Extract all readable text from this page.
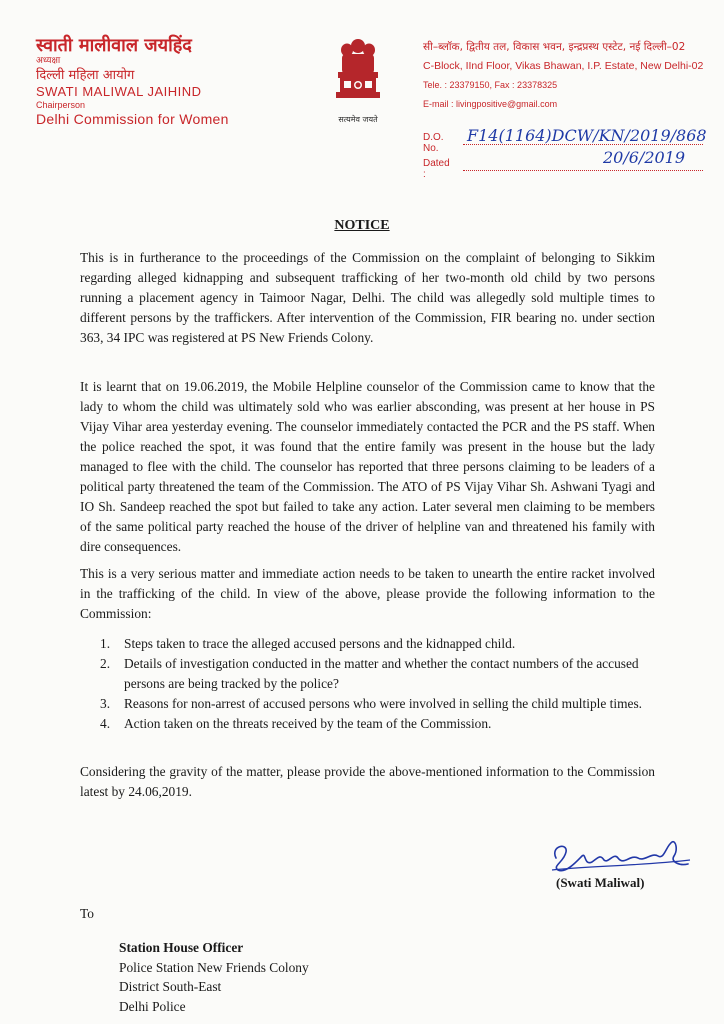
स्वाती मालीवाल जयहिंद
अध्यक्षा
दिल्ली महिला आयोग
SWATI MALIWAL JAIHIND
Chairperson
Delhi Commission for Women	सत्यमेव जयते
सी–ब्लॉक, द्वितीय तल, विकास भवन, इन्द्रप्रस्थ एस्टेट, नई दिल्ली–02
C-Block, IInd Floor, Vikas Bhawan, I.P. Estate, New Delhi-02
Tele. : 23379150, Fax : 23378325
E-mail : livingpositive@gmail.com
D.O. No.
F14(1164)DCW/KN/2019/868
Dated :
20/6/2019
NOTICE
This is in furtherance to the proceedings of the Commission on the complaint of belonging to Sikkim regarding alleged kidnapping and subsequent trafficking of her two-month old child by two persons running a placement agency in Taimoor Nagar, Delhi. The child was allegedly sold multiple times to different persons by the traffickers. After intervention of the Commission, FIR bearing no. under section 363, 34 IPC was registered at PS New Friends Colony.
It is learnt that on 19.06.2019, the Mobile Helpline counselor of the Commission came to know that the lady to whom the child was ultimately sold who was earlier absconding, was present at her house in PS Vijay Vihar area yesterday evening. The counselor immediately contacted the PCR and the PS staff. When the police reached the spot, it was found that the entire family was present in the house but the lady managed to flee with the child. The counselor has reported that three persons claiming to be leaders of a political party threatened the team of the Commission. The ATO of PS Vijay Vihar Sh. Ashwani Tyagi and IO Sh. Sandeep reached the spot but failed to take any action. Later several men claiming to be members of the same political party reached the house of the driver of helpline van and threatened his family with dire consequences.
This is a very serious matter and immediate action needs to be taken to unearth the entire racket involved in the trafficking of the child. In view of the above, please provide the following information to the Commission:
1. Steps taken to trace the alleged accused persons and the kidnapped child.
2. Details of investigation conducted in the matter and whether the contact numbers of the accused persons are being tracked by the police?
3. Reasons for non-arrest of accused persons who were involved in selling the child multiple times.
4. Action taken on the threats received by the team of the Commission.
Considering the gravity of the matter, please provide the above-mentioned information to the Commission latest by 24.06,2019.
(Swati Maliwal)
To
Station House Officer
Police Station New Friends Colony
District South-East
Delhi Police
